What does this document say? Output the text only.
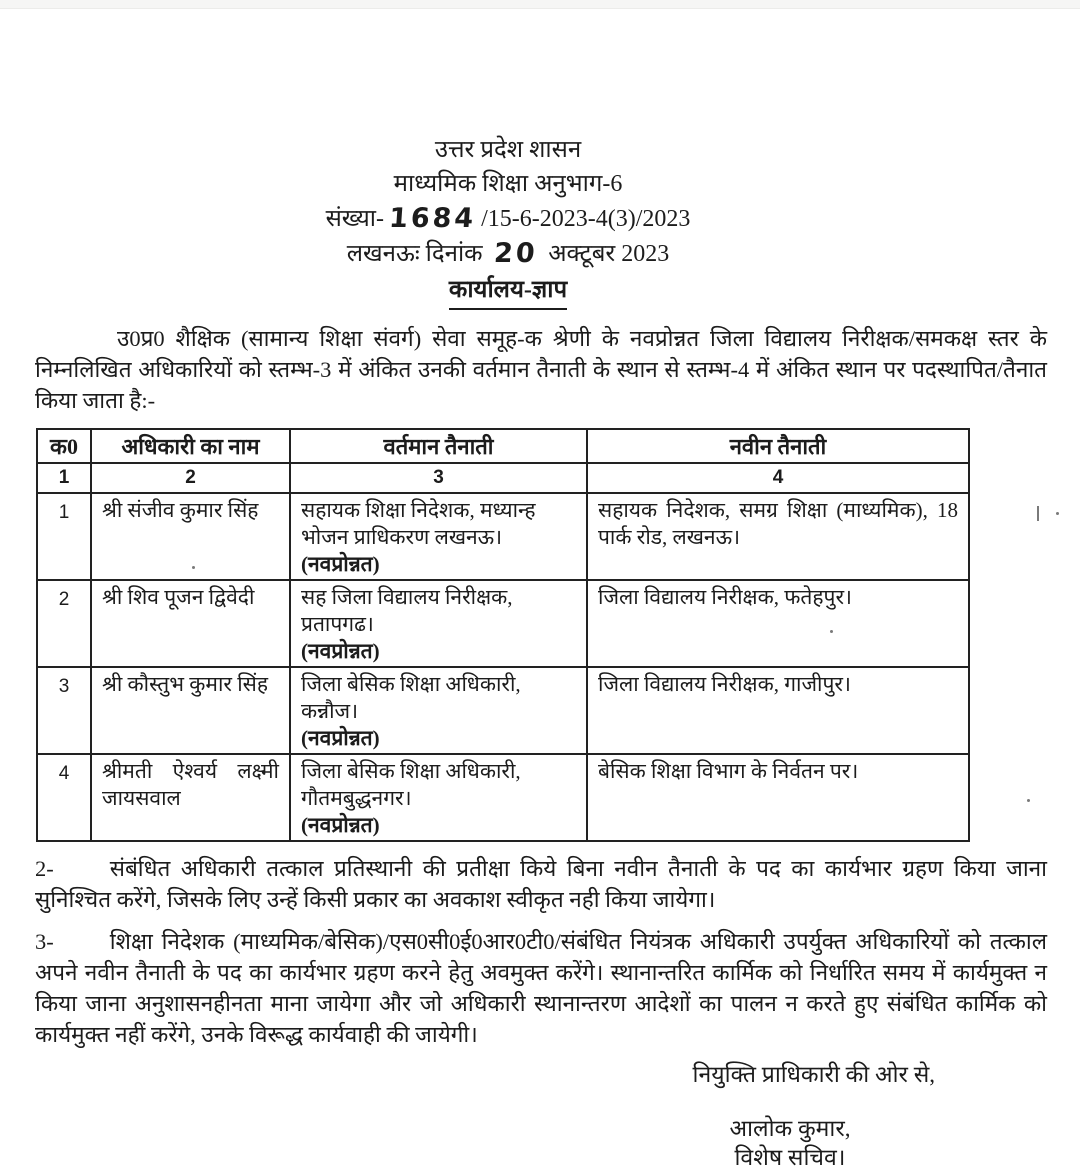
उत्तर प्रदेश शासन
माध्यमिक शिक्षा अनुभाग-6
संख्या- 1684 /15-6-2023-4(3)/2023
लखनऊः दिनांक 20 अक्टूबर 2023
कार्यालय-ज्ञाप

उ0प्र0 शैक्षिक (सामान्य शिक्षा संवर्ग) सेवा समूह-क श्रेणी के नवप्रोन्नत जिला विद्यालय निरीक्षक/समकक्ष स्तर के निम्नलिखित अधिकारियों को स्तम्भ-3 में अंकित उनकी वर्तमान तैनाती के स्थान से स्तम्भ-4 में अंकित स्थान पर पदस्थापित/तैनात किया जाता है:-

क0	अधिकारी का नाम	वर्तमान तैनाती	नवीन तैनाती
1	2	3	4
1	श्री संजीव कुमार सिंह	सहायक शिक्षा निदेशक, मध्यान्ह
भोजन प्राधिकरण लखनऊ।
(नवप्रोन्नत)	सहायक निदेशक, समग्र शिक्षा (माध्यमिक), 18 पार्क रोड, लखनऊ।
2	श्री शिव पूजन द्विवेदी	सह जिला विद्यालय निरीक्षक,
प्रतापगढ।
(नवप्रोन्नत)	जिला विद्यालय निरीक्षक, फतेहपुर।
3	श्री कौस्तुभ कुमार सिंह	जिला बेसिक शिक्षा अधिकारी,
कन्नौज।
(नवप्रोन्नत)	जिला विद्यालय निरीक्षक, गाजीपुर।
4	श्रीमती ऐश्वर्य लक्ष्मी जायसवाल	जिला बेसिक शिक्षा अधिकारी,
गौतमबुद्धनगर।
(नवप्रोन्नत)	बेसिक शिक्षा विभाग के निर्वतन पर।

2- संबंधित अधिकारी तत्काल प्रतिस्थानी की प्रतीक्षा किये बिना नवीन तैनाती के पद का कार्यभार ग्रहण किया जाना सुनिश्चित करेंगे, जिसके लिए उन्हें किसी प्रकार का अवकाश स्वीकृत नही किया जायेगा।

3- शिक्षा निदेशक (माध्यमिक/बेसिक)/एस0सी0ई0आर0टी0/संबंधित नियंत्रक अधिकारी उपर्युक्त अधिकारियों को तत्काल अपने नवीन तैनाती के पद का कार्यभार ग्रहण करने हेतु अवमुक्त करेंगे। स्थानान्तरित कार्मिक को निर्धारित समय में कार्यमुक्त न किया जाना अनुशासनहीनता माना जायेगा और जो अधिकारी स्थानान्तरण आदेशों का पालन न करते हुए संबंधित कार्मिक को कार्यमुक्त नहीं करेंगे, उनके विरूद्ध कार्यवाही की जायेगी।

नियुक्ति प्राधिकारी की ओर से,
आलोक कुमार,
विशेष सचिव।
